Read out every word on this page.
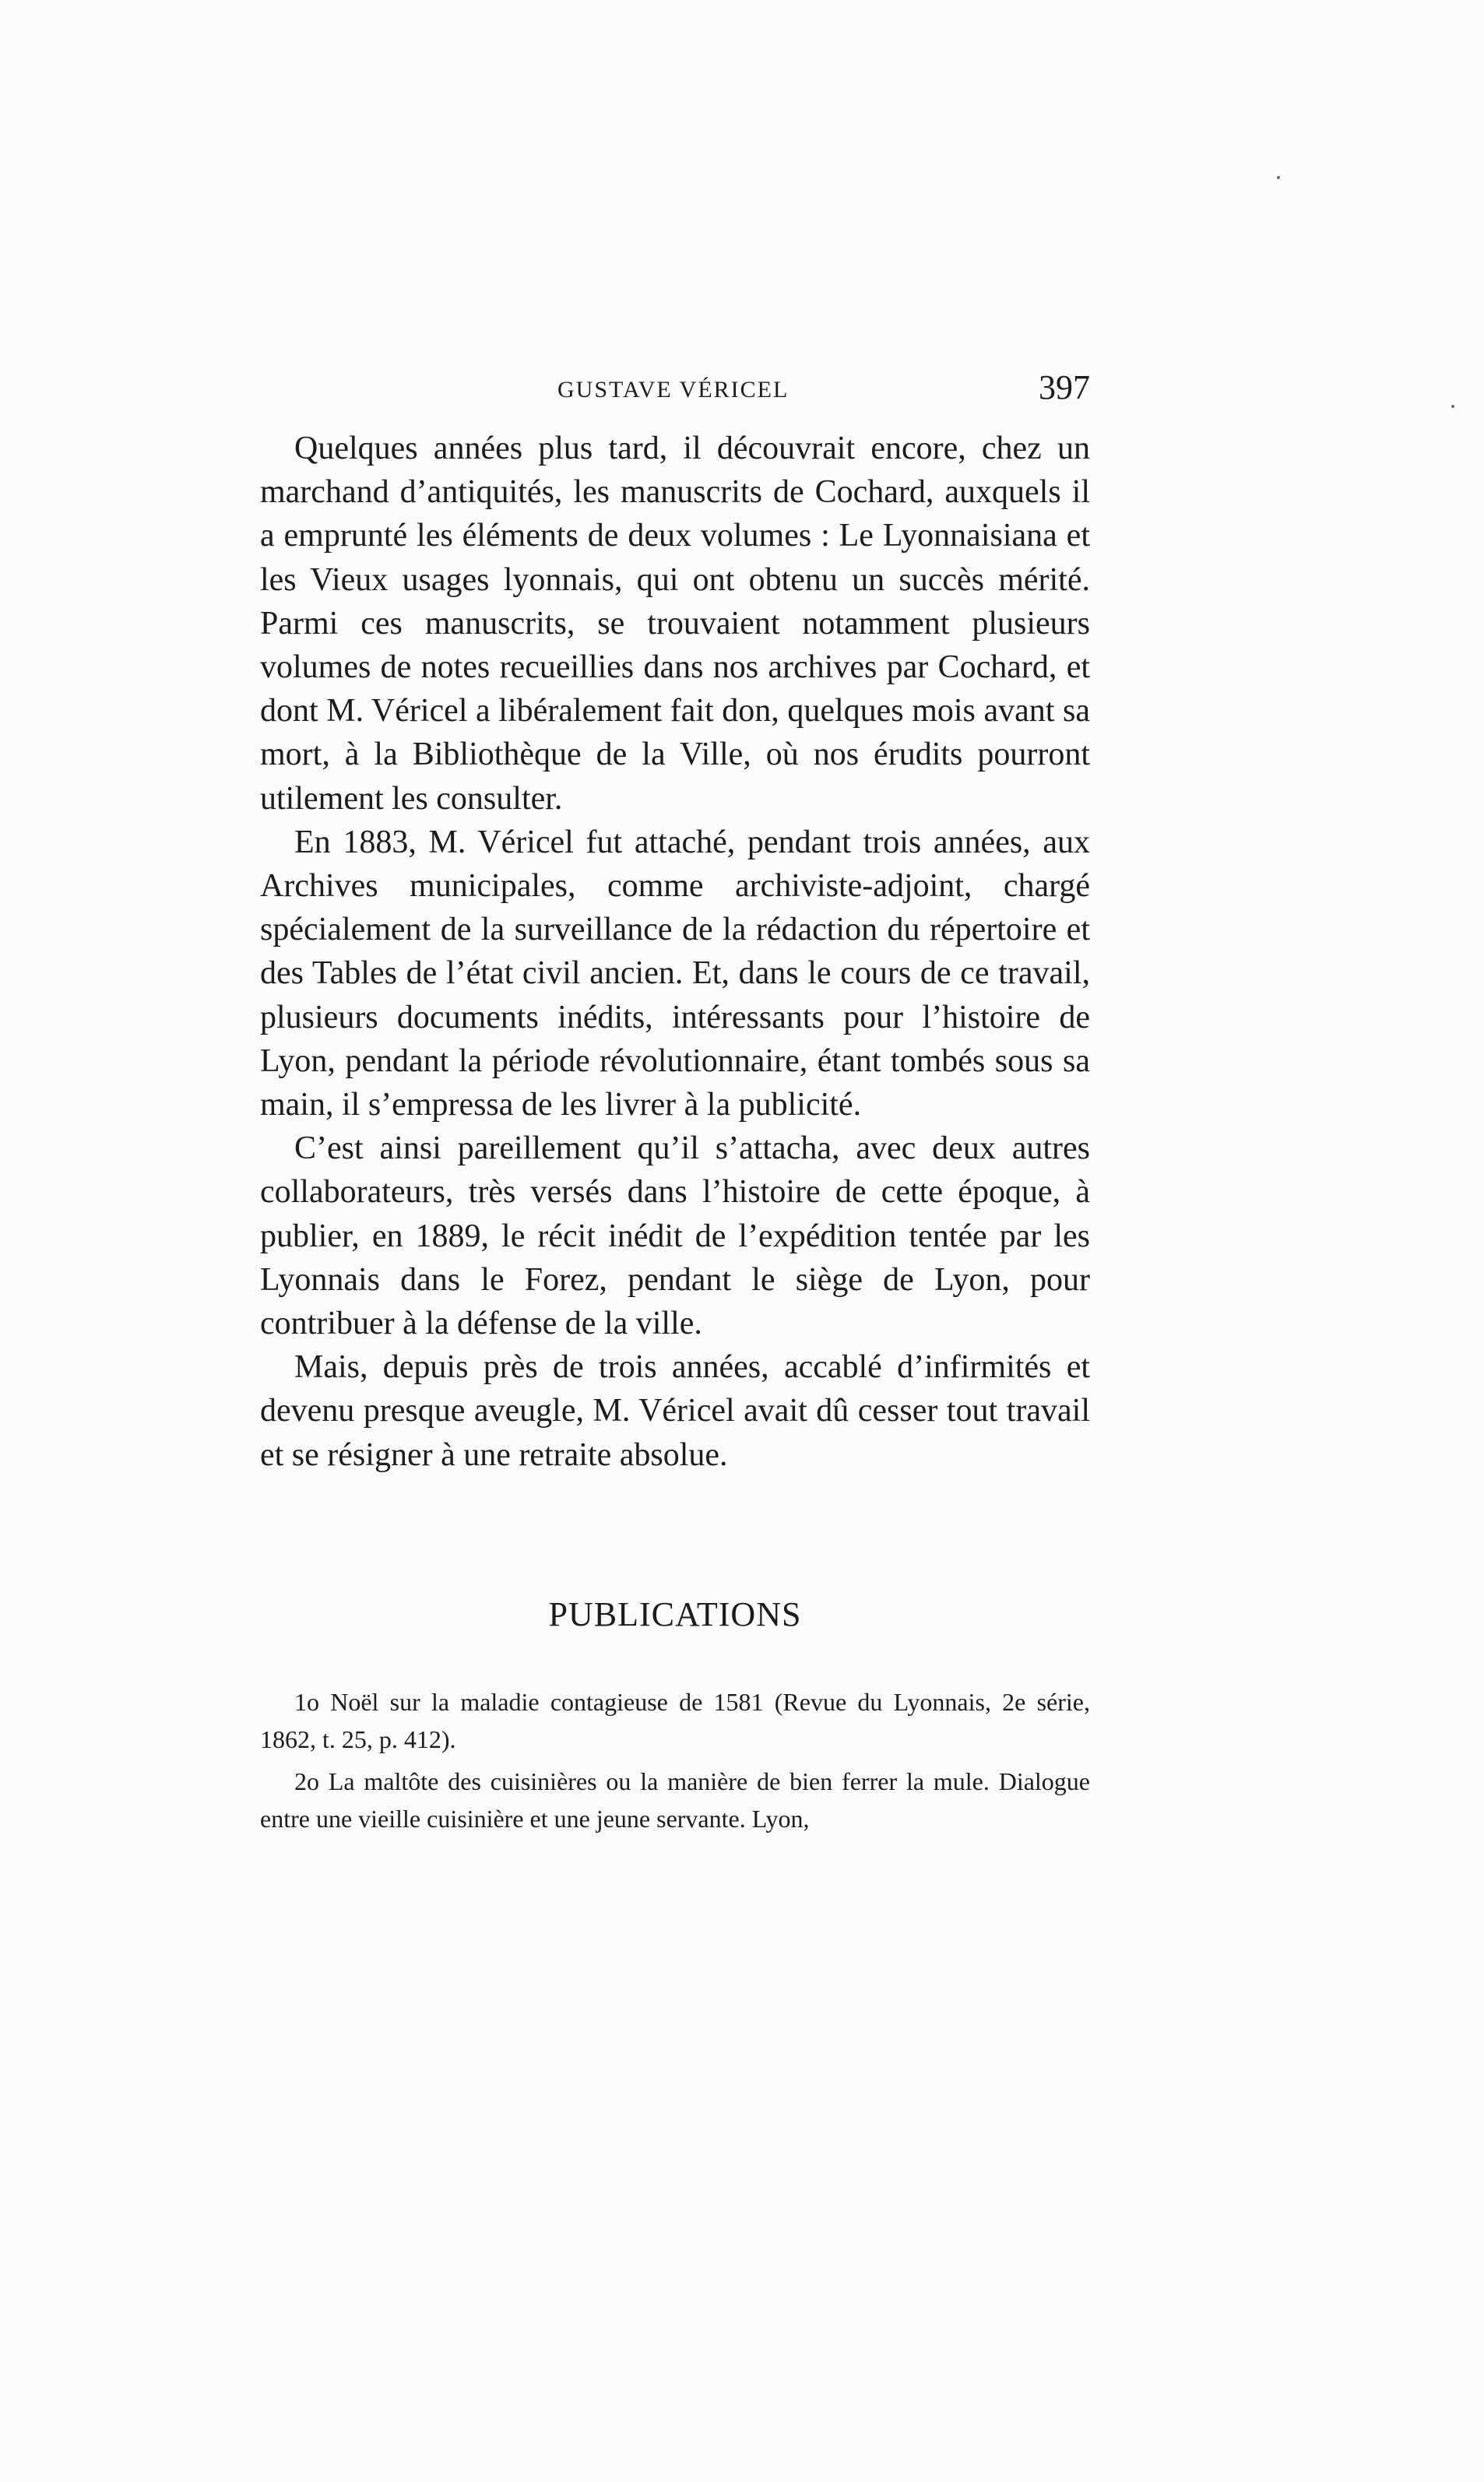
GUSTAVE VÉRICEL	397

Quelques années plus tard, il découvrait encore, chez un marchand d’antiquités, les manuscrits de Cochard, auxquels il a emprunté les éléments de deux volumes : Le Lyonnaisiana et les Vieux usages lyonnais, qui ont obtenu un succès mérité. Parmi ces manuscrits, se trouvaient notamment plusieurs volumes de notes recueillies dans nos archives par Cochard, et dont M. Véricel a libéralement fait don, quelques mois avant sa mort, à la Bibliothèque de la Ville, où nos érudits pourront utilement les consulter.

En 1883, M. Véricel fut attaché, pendant trois années, aux Archives municipales, comme archiviste-adjoint, chargé spécialement de la surveillance de la rédaction du répertoire et des Tables de l’état civil ancien. Et, dans le cours de ce travail, plusieurs documents inédits, intéressants pour l’histoire de Lyon, pendant la période révolutionnaire, étant tombés sous sa main, il s’empressa de les livrer à la publicité.

C’est ainsi pareillement qu’il s’attacha, avec deux autres collaborateurs, très versés dans l’histoire de cette époque, à publier, en 1889, le récit inédit de l’expédition tentée par les Lyonnais dans le Forez, pendant le siège de Lyon, pour contribuer à la défense de la ville.

Mais, depuis près de trois années, accablé d’infirmités et devenu presque aveugle, M. Véricel avait dû cesser tout travail et se résigner à une retraite absolue.

PUBLICATIONS

1o Noël sur la maladie contagieuse de 1581 (Revue du Lyonnais, 2e série, 1862, t. 25, p. 412).

2o La maltôte des cuisinières ou la manière de bien ferrer la mule. Dialogue entre une vieille cuisinière et une jeune servante. Lyon,
